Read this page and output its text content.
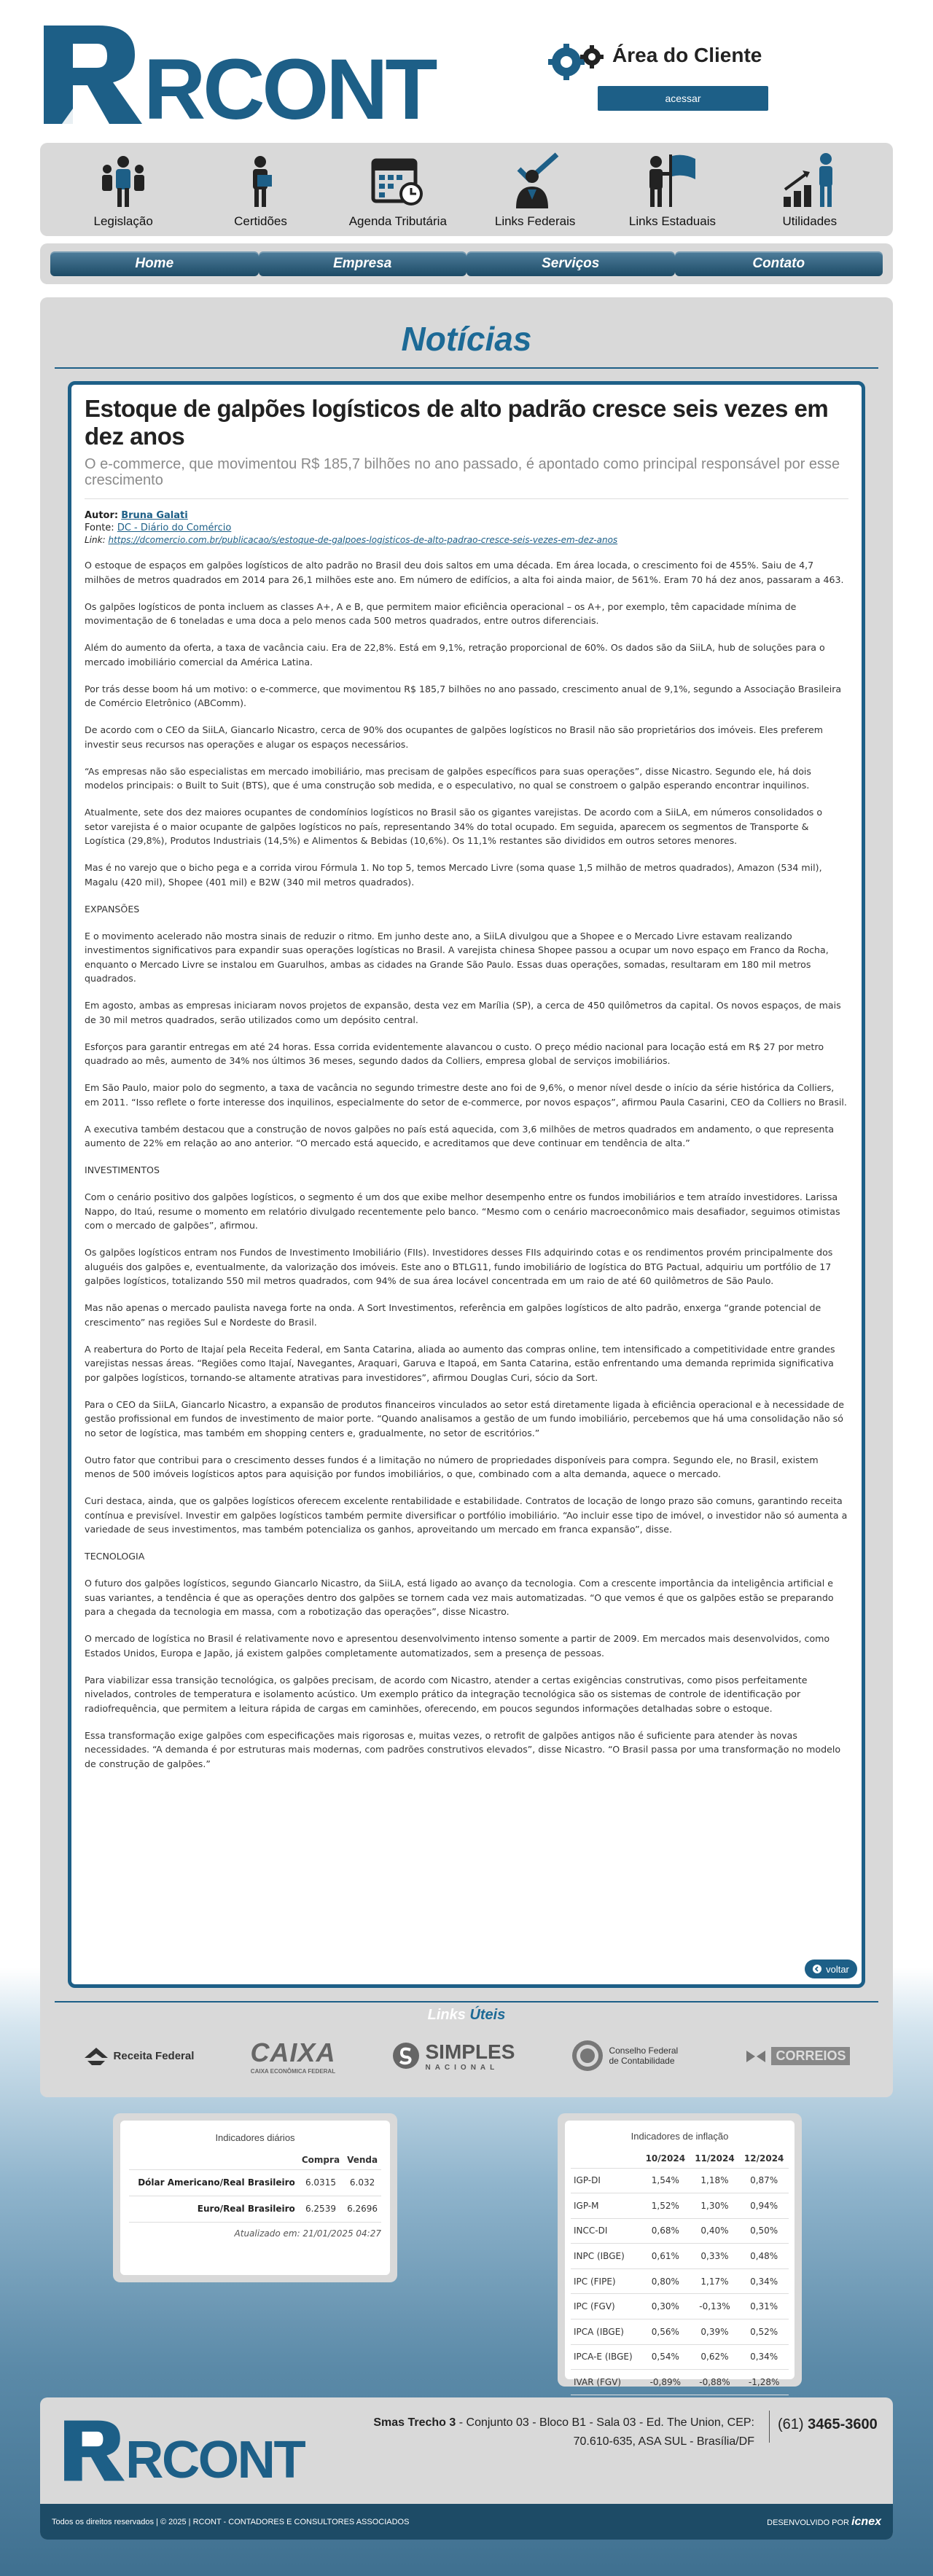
RCONT	Área do Cliente
acessar
Legislação	Certidões	Agenda Tributária	Links Federais	Links Estaduais	Utilidades
Home	Empresa	Serviços	Contato
Notícias
Estoque de galpões logísticos de alto padrão cresce seis vezes em dez anos
O e-commerce, que movimentou R$ 185,7 bilhões no ano passado, é apontado como principal responsável por esse crescimento
Autor: Bruna Galati
Fonte: DC - Diário do Comércio
Link: https://dcomercio.com.br/publicacao/s/estoque-de-galpoes-logisticos-de-alto-padrao-cresce-seis-vezes-em-dez-anos

O estoque de espaços em galpões logísticos de alto padrão no Brasil deu dois saltos em uma década. Em área locada, o crescimento foi de 455%. Saiu de 4,7 milhões de metros quadrados em 2014 para 26,1 milhões este ano. Em número de edifícios, a alta foi ainda maior, de 561%. Eram 70 há dez anos, passaram a 463.

Os galpões logísticos de ponta incluem as classes A+, A e B, que permitem maior eficiência operacional – os A+, por exemplo, têm capacidade mínima de movimentação de 6 toneladas e uma doca a pelo menos cada 500 metros quadrados, entre outros diferenciais.

Além do aumento da oferta, a taxa de vacância caiu. Era de 22,8%. Está em 9,1%, retração proporcional de 60%. Os dados são da SiiLA, hub de soluções para o mercado imobiliário comercial da América Latina.

Por trás desse boom há um motivo: o e-commerce, que movimentou R$ 185,7 bilhões no ano passado, crescimento anual de 9,1%, segundo a Associação Brasileira de Comércio Eletrônico (ABComm).

De acordo com o CEO da SiiLA, Giancarlo Nicastro, cerca de 90% dos ocupantes de galpões logísticos no Brasil não são proprietários dos imóveis. Eles preferem investir seus recursos nas operações e alugar os espaços necessários.

“As empresas não são especialistas em mercado imobiliário, mas precisam de galpões específicos para suas operações”, disse Nicastro. Segundo ele, há dois modelos principais: o Built to Suit (BTS), que é uma construção sob medida, e o especulativo, no qual se constroem o galpão esperando encontrar inquilinos.

Atualmente, sete dos dez maiores ocupantes de condomínios logísticos no Brasil são os gigantes varejistas. De acordo com a SiiLA, em números consolidados o setor varejista é o maior ocupante de galpões logísticos no país, representando 34% do total ocupado. Em seguida, aparecem os segmentos de Transporte & Logística (29,8%), Produtos Industriais (14,5%) e Alimentos & Bebidas (10,6%). Os 11,1% restantes são divididos em outros setores menores.

Mas é no varejo que o bicho pega e a corrida virou Fórmula 1. No top 5, temos Mercado Livre (soma quase 1,5 milhão de metros quadrados), Amazon (534 mil), Magalu (420 mil), Shopee (401 mil) e B2W (340 mil metros quadrados).

EXPANSÕES

E o movimento acelerado não mostra sinais de reduzir o ritmo. Em junho deste ano, a SiiLA divulgou que a Shopee e o Mercado Livre estavam realizando investimentos significativos para expandir suas operações logísticas no Brasil. A varejista chinesa Shopee passou a ocupar um novo espaço em Franco da Rocha, enquanto o Mercado Livre se instalou em Guarulhos, ambas as cidades na Grande São Paulo. Essas duas operações, somadas, resultaram em 180 mil metros quadrados.

Em agosto, ambas as empresas iniciaram novos projetos de expansão, desta vez em Marília (SP), a cerca de 450 quilômetros da capital. Os novos espaços, de mais de 30 mil metros quadrados, serão utilizados como um depósito central.

Esforços para garantir entregas em até 24 horas. Essa corrida evidentemente alavancou o custo. O preço médio nacional para locação está em R$ 27 por metro quadrado ao mês, aumento de 34% nos últimos 36 meses, segundo dados da Colliers, empresa global de serviços imobiliários.

Em São Paulo, maior polo do segmento, a taxa de vacância no segundo trimestre deste ano foi de 9,6%, o menor nível desde o início da série histórica da Colliers, em 2011. “Isso reflete o forte interesse dos inquilinos, especialmente do setor de e-commerce, por novos espaços”, afirmou Paula Casarini, CEO da Colliers no Brasil.

A executiva também destacou que a construção de novos galpões no país está aquecida, com 3,6 milhões de metros quadrados em andamento, o que representa aumento de 22% em relação ao ano anterior. “O mercado está aquecido, e acreditamos que deve continuar em tendência de alta.”

INVESTIMENTOS

Com o cenário positivo dos galpões logísticos, o segmento é um dos que exibe melhor desempenho entre os fundos imobiliários e tem atraído investidores. Larissa Nappo, do Itaú, resume o momento em relatório divulgado recentemente pelo banco. “Mesmo com o cenário macroeconômico mais desafiador, seguimos otimistas com o mercado de galpões”, afirmou.

Os galpões logísticos entram nos Fundos de Investimento Imobiliário (FIIs). Investidores desses FIIs adquirindo cotas e os rendimentos provém principalmente dos aluguéis dos galpões e, eventualmente, da valorização dos imóveis. Este ano o BTLG11, fundo imobiliário de logística do BTG Pactual, adquiriu um portfólio de 17 galpões logísticos, totalizando 550 mil metros quadrados, com 94% de sua área locável concentrada em um raio de até 60 quilômetros de São Paulo.

Mas não apenas o mercado paulista navega forte na onda. A Sort Investimentos, referência em galpões logísticos de alto padrão, enxerga “grande potencial de crescimento” nas regiões Sul e Nordeste do Brasil.

A reabertura do Porto de Itajaí pela Receita Federal, em Santa Catarina, aliada ao aumento das compras online, tem intensificado a competitividade entre grandes varejistas nessas áreas. “Regiões como Itajaí, Navegantes, Araquari, Garuva e Itapoá, em Santa Catarina, estão enfrentando uma demanda reprimida significativa por galpões logísticos, tornando-se altamente atrativas para investidores”, afirmou Douglas Curi, sócio da Sort.

Para o CEO da SiiLA, Giancarlo Nicastro, a expansão de produtos financeiros vinculados ao setor está diretamente ligada à eficiência operacional e à necessidade de gestão profissional em fundos de investimento de maior porte. “Quando analisamos a gestão de um fundo imobiliário, percebemos que há uma consolidação não só no setor de logística, mas também em shopping centers e, gradualmente, no setor de escritórios.”

Outro fator que contribui para o crescimento desses fundos é a limitação no número de propriedades disponíveis para compra. Segundo ele, no Brasil, existem menos de 500 imóveis logísticos aptos para aquisição por fundos imobiliários, o que, combinado com a alta demanda, aquece o mercado.

Curi destaca, ainda, que os galpões logísticos oferecem excelente rentabilidade e estabilidade. Contratos de locação de longo prazo são comuns, garantindo receita contínua e previsível. Investir em galpões logísticos também permite diversificar o portfólio imobiliário. “Ao incluir esse tipo de imóvel, o investidor não só aumenta a variedade de seus investimentos, mas também potencializa os ganhos, aproveitando um mercado em franca expansão”, disse.

TECNOLOGIA

O futuro dos galpões logísticos, segundo Giancarlo Nicastro, da SiiLA, está ligado ao avanço da tecnologia. Com a crescente importância da inteligência artificial e suas variantes, a tendência é que as operações dentro dos galpões se tornem cada vez mais automatizadas. “O que vemos é que os galpões estão se preparando para a chegada da tecnologia em massa, com a robotização das operações”, disse Nicastro.

O mercado de logística no Brasil é relativamente novo e apresentou desenvolvimento intenso somente a partir de 2009. Em mercados mais desenvolvidos, como Estados Unidos, Europa e Japão, já existem galpões completamente automatizados, sem a presença de pessoas.

Para viabilizar essa transição tecnológica, os galpões precisam, de acordo com Nicastro, atender a certas exigências construtivas, como pisos perfeitamente nivelados, controles de temperatura e isolamento acústico. Um exemplo prático da integração tecnológica são os sistemas de controle de identificação por radiofrequência, que permitem a leitura rápida de cargas em caminhões, oferecendo, em poucos segundos informações detalhadas sobre o estoque.

Essa transformação exige galpões com especificações mais rigorosas e, muitas vezes, o retrofit de galpões antigos não é suficiente para atender às novas necessidades. “A demanda é por estruturas mais modernas, com padrões construtivos elevados”, disse Nicastro. “O Brasil passa por uma transformação no modelo de construção de galpões.”

voltar
Links Úteis
Receita Federal CAIXA
CAIXA ECONÔMICA FEDERAL
SIMPLES
NACIONAL
Conselho Federal de Contabilidade	CORREIOS
Indicadores diários
	Compra	Venda
Dólar Americano/Real Brasileiro	6.0315	6.032
Euro/Real Brasileiro	6.2539	6.2696
Atualizado em: 21/01/2025 04:27
Indicadores de inflação
	10/2024	11/2024	12/2024
IGP-DI	1,54%	1,18%	0,87%
IGP-M	1,52%	1,30%	0,94%
INCC-DI	0,68%	0,40%	0,50%
INPC (IBGE)	0,61%	0,33%	0,48%
IPC (FIPE)	0,80%	1,17%	0,34%
IPC (FGV)	0,30%	-0,13%	0,31%
IPCA (IBGE)	0,56%	0,39%	0,52%
IPCA-E (IBGE)	0,54%	0,62%	0,34%
IVAR (FGV)	-0,89%	-0,88%	-1,28%
RCONT
Smas Trecho 3 - Conjunto 03 - Bloco B1 - Sala 03 - Ed. The Union, CEP:
70.610-635, ASA SUL - Brasília/DF
(61) 3465-3600
Todos os direitos reservados | © 2025 | RCONT - CONTADORES E CONSULTORES ASSOCIADOS	DESENVOLVIDO POR icnex
